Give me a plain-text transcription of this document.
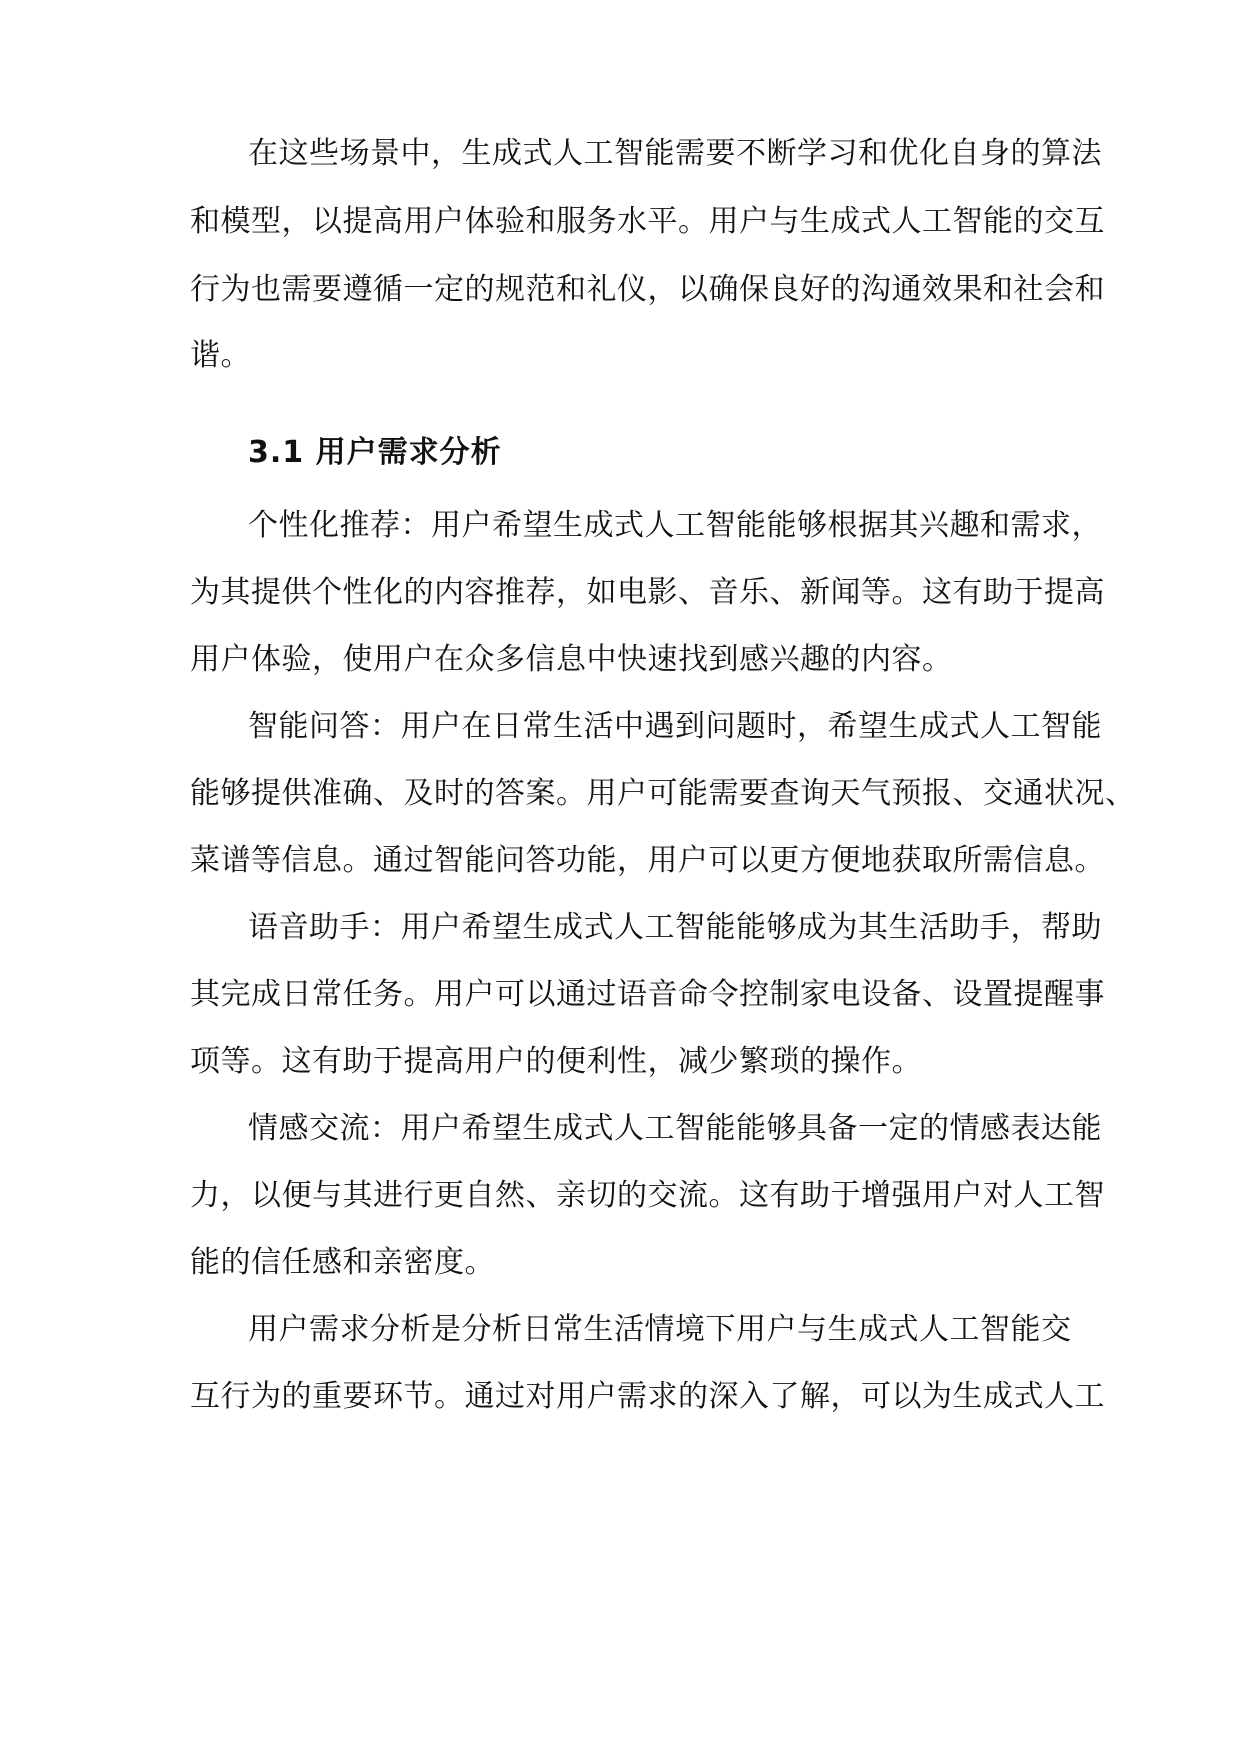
在这些场景中，生成式人工智能需要不断学习和优化自身的算法
和模型，以提高用户体验和服务水平。用户与生成式人工智能的交互
行为也需要遵循一定的规范和礼仪，以确保良好的沟通效果和社会和
谐。
3.1 用户需求分析
个性化推荐：用户希望生成式人工智能能够根据其兴趣和需求，
为其提供个性化的内容推荐，如电影、音乐、新闻等。这有助于提高
用户体验，使用户在众多信息中快速找到感兴趣的内容。
智能问答：用户在日常生活中遇到问题时，希望生成式人工智能
能够提供准确、及时的答案。用户可能需要查询天气预报、交通状况、
菜谱等信息。通过智能问答功能，用户可以更方便地获取所需信息。
语音助手：用户希望生成式人工智能能够成为其生活助手，帮助
其完成日常任务。用户可以通过语音命令控制家电设备、设置提醒事
项等。这有助于提高用户的便利性，减少繁琐的操作。
情感交流：用户希望生成式人工智能能够具备一定的情感表达能
力，以便与其进行更自然、亲切的交流。这有助于增强用户对人工智
能的信任感和亲密度。
用户需求分析是分析日常生活情境下用户与生成式人工智能交
互行为的重要环节。通过对用户需求的深入了解，可以为生成式人工
